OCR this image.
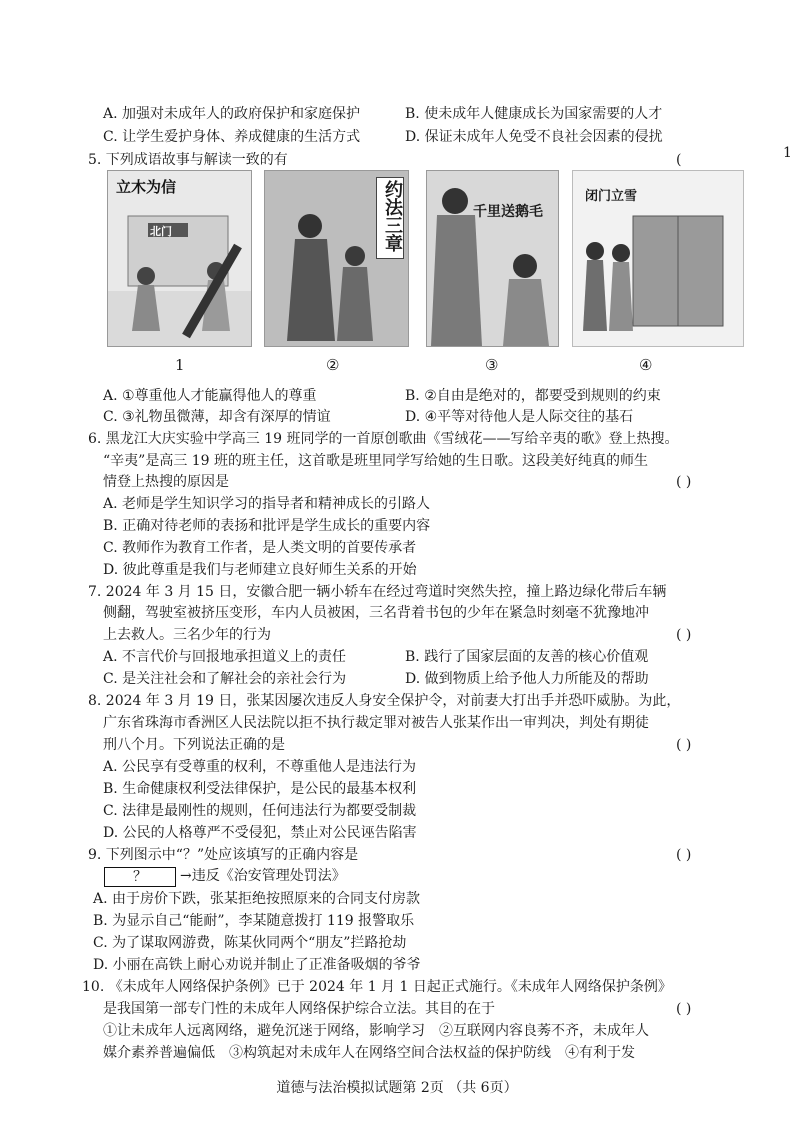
A. 加强对未成年人的政府保护和家庭保护	B. 使未成年人健康成长为国家需要的人才
C. 让学生爱护身体、养成健康的生活方式	D. 保证未成年人免受不良社会因素的侵扰
5. 下列成语故事与解读一致的有	(	1
立木为信
北门
1
约法三章
②
千里送鹅毛
③
闭门立雪
④
A. ①尊重他人才能赢得他人的尊重	B. ②自由是绝对的，都要受到规则的约束
C. ③礼物虽微薄，却含有深厚的情谊	D. ④平等对待他人是人际交往的基石
6. 黑龙江大庆实验中学高三 19 班同学的一首原创歌曲《雪绒花——写给辛夷的歌》登上热搜。
“辛夷”是高三 19 班的班主任，这首歌是班里同学写给她的生日歌。这段美好纯真的师生
情登上热搜的原因是	( )
A. 老师是学生知识学习的指导者和精神成长的引路人
B. 正确对待老师的表扬和批评是学生成长的重要内容
C. 教师作为教育工作者，是人类文明的首要传承者
D. 彼此尊重是我们与老师建立良好师生关系的开始
7. 2024 年 3 月 15 日，安徽合肥一辆小轿车在经过弯道时突然失控，撞上路边绿化带后车辆
侧翻，驾驶室被挤压变形，车内人员被困，三名背着书包的少年在紧急时刻毫不犹豫地冲
上去救人。三名少年的行为	( )
A. 不言代价与回报地承担道义上的责任	B. 践行了国家层面的友善的核心价值观
C. 是关注社会和了解社会的亲社会行为	D. 做到物质上给予他人力所能及的帮助
8. 2024 年 3 月 19 日，张某因屡次违反人身安全保护令，对前妻大打出手并恐吓威胁。为此，
广东省珠海市香洲区人民法院以拒不执行裁定罪对被告人张某作出一审判决，判处有期徒
刑八个月。下列说法正确的是	( )
A. 公民享有受尊重的权利，不尊重他人是违法行为
B. 生命健康权利受法律保护，是公民的最基本权利
C. 法律是最刚性的规则，任何违法行为都要受制裁
D. 公民的人格尊严不受侵犯，禁止对公民诬告陷害
9. 下列图示中“？”处应该填写的正确内容是	( )
？	→违反《治安管理处罚法》
A. 由于房价下跌，张某拒绝按照原来的合同支付房款
B. 为显示自己“能耐”，李某随意拨打 119 报警取乐
C. 为了谋取网游费，陈某伙同两个“朋友”拦路抢劫
D. 小丽在高铁上耐心劝说并制止了正准备吸烟的爷爷
10. 《未成年人网络保护条例》已于 2024 年 1 月 1 日起正式施行。《未成年人网络保护条例》
是我国第一部专门性的未成年人网络保护综合立法。其目的在于	( )
①让未成年人远离网络，避免沉迷于网络，影响学习　②互联网内容良莠不齐，未成年人
媒介素养普遍偏低　③构筑起对未成年人在网络空间合法权益的保护防线　④有利于发
道德与法治模拟试题第 2页 （共 6页）
